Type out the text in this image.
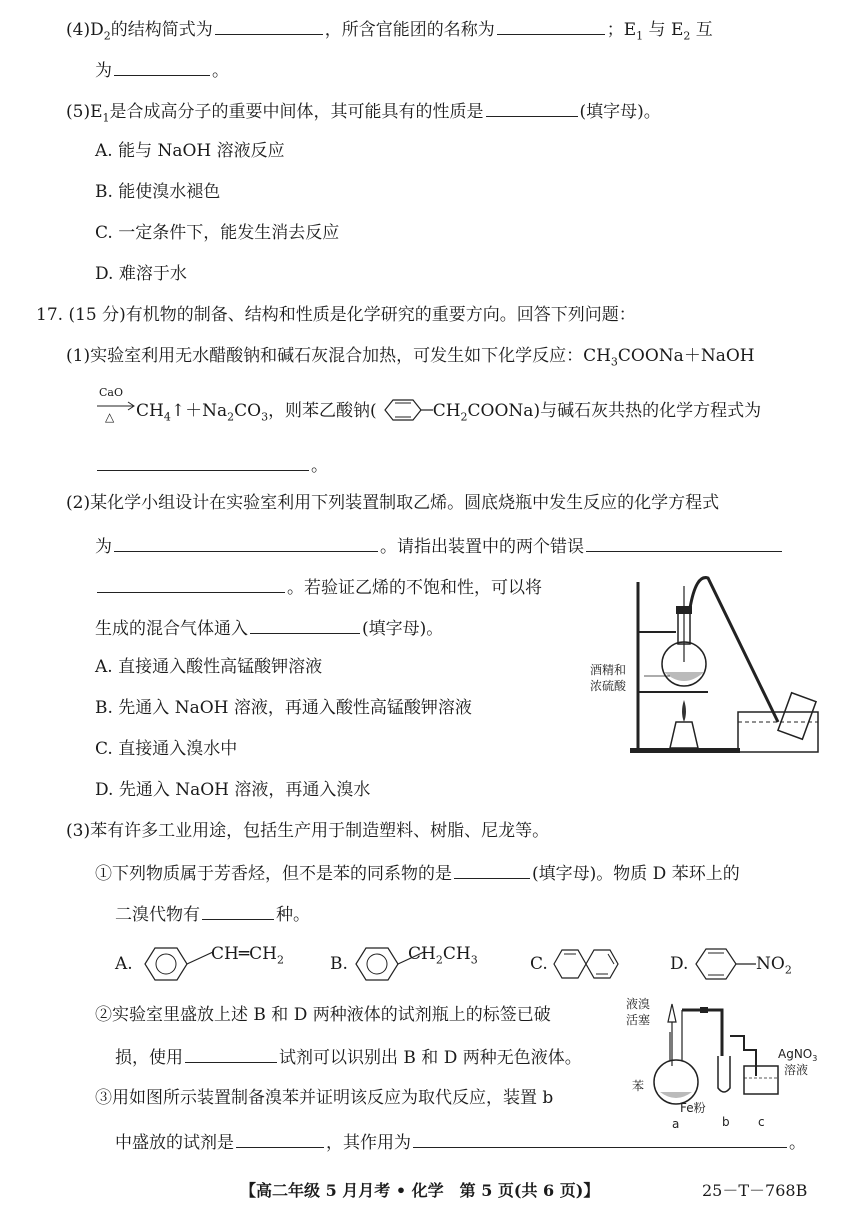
$(4)D_2$的结构简式为	，所含官能团的名称为	；$E_1$ 与 $E_2$ 互
为	。
$(5)E_1$是合成高分子的重要中间体，其可能具有的性质是	(填字母)。
A. 能与 NaOH 溶液反应
B. 能使溴水褪色
C. 一定条件下，能发生消去反应
D. 难溶于水
17. (15 分)有机物的制备、结构和性质是化学研究的重要方向。回答下列问题：
(1)实验室利用无水醋酸钠和碱石灰混合加热，可发生如下化学反应：$CH_3COONa+NaOH$
CaO
△ $CH_4↑+Na_2CO_3$，则苯乙酸钠(	$CH_2COONa$)与碱石灰共热的化学方程式为
。
(2)某化学小组设计在实验室利用下列装置制取乙烯。圆底烧瓶中发生反应的化学方程式
为	。请指出装置中的两个错误
。若验证乙烯的不饱和性，可以将
生成的混合气体通入	(填字母)。
A. 直接通入酸性高锰酸钾溶液
B. 先通入 NaOH 溶液，再通入酸性高锰酸钾溶液
C. 直接通入溴水中
D. 先通入 NaOH 溶液，再通入溴水
酒精和
浓硫酸
(3)苯有许多工业用途，包括生产用于制造塑料、树脂、尼龙等。
①下列物质属于芳香烃，但不是苯的同系物的是	(填字母)。物质 D 苯环上的
二溴代物有	种。
A.	$CH═CH_2$	B.	$CH_2CH_3$	C.	D.	$NO_2$
②实验室里盛放上述 B 和 D 两种液体的试剂瓶上的标签已破
损，使用	试剂可以识别出 B 和 D 两种无色液体。
③用如图所示装置制备溴苯并证明该反应为取代反应，装置 b
中盛放的试剂是	，其作用为	。
液溴
活塞
苯
Fe粉
AgNO$_3$
溶液
a	b c
【高二年级 5 月月考 • 化学　第 5 页(共 6 页)】	25－T－768B
